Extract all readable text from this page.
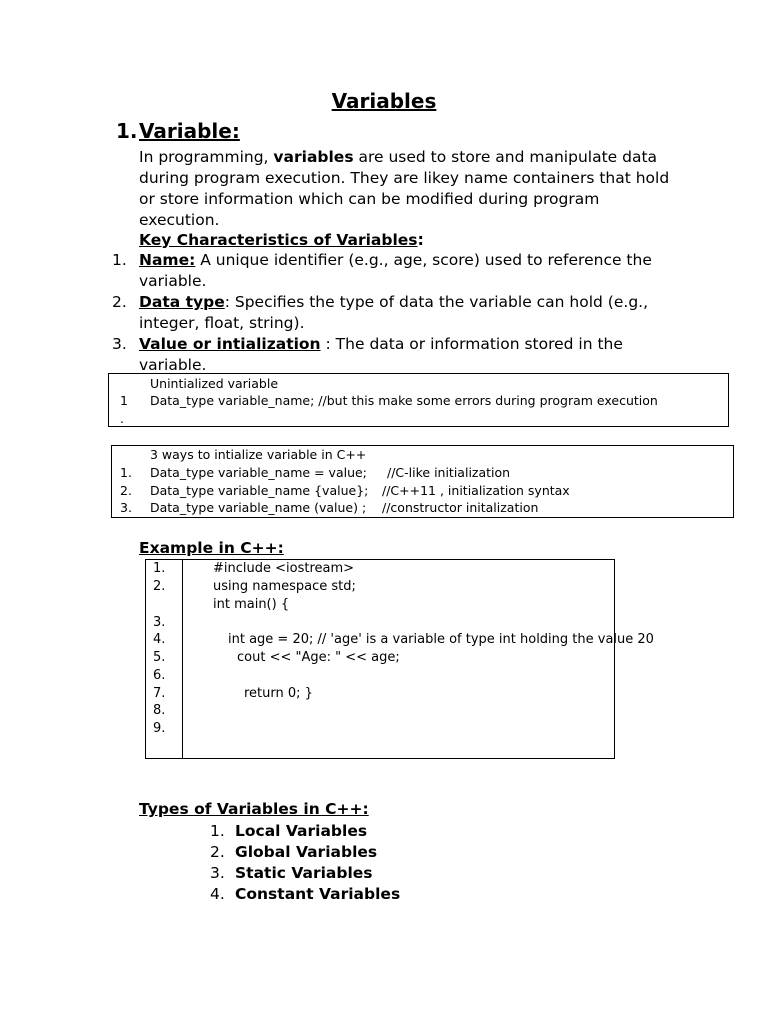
Variables
1.Variable:
In programming, variables are used to store and manipulate data during program execution. They are likey name containers that hold or store information which can be modified during program execution.
Key Characteristics of Variables:
1. Name: A unique identifier (e.g., age, score) used to reference the variable.
2. Data type: Specifies the type of data the variable can hold (e.g., integer, float, string).
3. Value or intialization : The data or information stored in the variable.
1
.
Unintialized variable
Data_type variable_name; //but this make some errors during program execution
3 ways to intialize variable in C++
1. Data_type variable_name = value; //C-like initialization
2. Data_type variable_name {value}; //C++11 , initialization syntax
3. Data_type variable_name (value) ; //constructor initalization
Example in C++:
1.
2.
3.
4.
5.
6.
7.
8.
9.
#include <iostream>
using namespace std;
int main() {
int age = 20; // 'age' is a variable of type int holding the value 20
cout << "Age: " << age;
return 0; }
Types of Variables in C++:
1. Local Variables
2. Global Variables
3. Static Variables
4. Constant Variables
